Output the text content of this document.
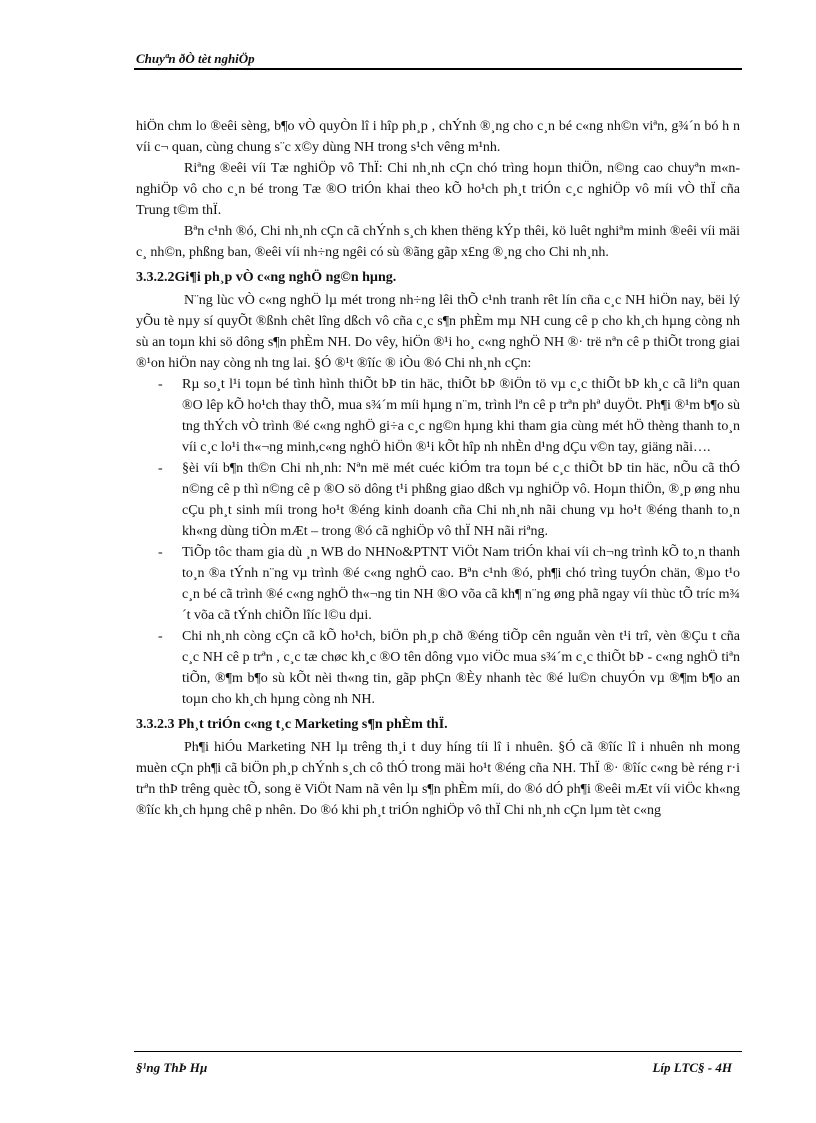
Chuyªn ðÒ tèt nghiÖp

hiÖn chm lo ®eêi sèng, b¶o vÒ quyÒn lî i hîp ph¸p , chÝnh ®¸ng cho c¸n bé c«ng nh©n viªn, g¾´n bó h n víi c¬ quan, cùng chung s¨c x©y dùng NH trong s¹ch vêng m¹nh.

Riªng ®eêi víi Tæ nghiÖp vô ThÏ: Chi nh¸nh cÇn chó trìng hoµn thiÖn, n©ng cao chuyªn m«n- nghiÖp vô cho c¸n bé trong Tæ ®O triÓn khai theo kÕ ho¹ch ph¸t triÓn c¸c nghiÖp vô míi vÒ thÏ cña Trung t©m thÏ.

Bªn c¹nh ®ó, Chi nh¸nh cÇn cã chÝnh s¸ch khen thëng kÝp thêi, kö luêt nghiªm minh ®eêi víi mäi c¸ nh©n, phßng ban, ®eêi víi nh÷ng ngêi có sù ®ãng gãp x£ng ®¸ng cho Chi nh¸nh.

3.3.2.2Gi¶i ph¸p vÒ c«ng nghÖ ng©n hµng.

N¨ng lùc vÒ c«ng nghÖ lµ mét trong nh÷ng lêi thÕ c¹nh tranh rêt lín cña c¸c NH hiÖn nay, bëi lý yÕu tè nµy sí quyÕt ®ßnh chêt lîng dßch vô cña c¸c s¶n phÈm mµ NH cung cê p cho kh¸ch hµng còng nh sù an toµn khi sö dông s¶n phÈm NH. Do vêy, hiÖn ®¹i ho¸ c«ng nghÖ NH ®· trë nªn cê p thiÕt trong giai ®¹on hiÖn nay còng nh tng lai. §Ó ®¹t ®îíc ® iÒu ®ó Chi nh¸nh cÇn:

- Rµ so¸t l¹i toµn bé tình hình thiÕt bÞ tin häc, thiÕt bÞ ®iÖn tö vµ c¸c thiÕt bÞ kh¸c cã liªn quan ®O lêp kÕ ho¹ch thay thÕ, mua s¾´m míi hµng n¨m, trình lªn cê p trªn phª duyÖt. Ph¶i ®¹m b¶o sù tng thÝch vÒ trình ®é c«ng nghÖ gi÷a c¸c ng©n hµng khi tham gia cùng mét hÖ thèng thanh to¸n víi c¸c lo¹i th«¬ng minh,c«ng nghÖ hiÖn ®¹i kÕt hîp nh nhÈn d¹ng dÇu v©n tay, giäng nãi….

- §èi víi b¶n th©n Chi nh¸nh: Nªn më mét cuéc kiÓm tra toµn bé c¸c thiÕt bÞ tin häc, nÕu cã thÓ n©ng cê p thì n©ng cê p ®O sö dông t¹i phßng giao dßch vµ nghiÖp vô. Hoµn thiÖn, ®¸p øng nhu cÇu ph¸t sinh míi trong ho¹t ®éng kinh doanh cña Chi nh¸nh nãi chung vµ ho¹t ®éng thanh to¸n kh«ng dùng tiÒn mÆt – trong ®ó cã nghiÖp vô thÏ NH nãi riªng.

- TiÕp tôc tham gia dù ¸n WB do NHNo&PTNT ViÖt Nam triÓn khai víi ch¬ng trình kÕ to¸n thanh to¸n ®a tÝnh n¨ng vµ trình ®é c«ng nghÖ cao. Bªn c¹nh ®ó, ph¶i chó trìng tuyÓn chän, ®µo t¹o c¸n bé cã trình ®é c«ng nghÖ th«¬ng tin NH ®O võa cã kh¶ n¨ng øng phã ngay víi thùc tÕ tríc m¾´t võa cã tÝnh chiÕn lîíc l©u dµi.

- Chi nh¸nh còng cÇn cã kÕ ho¹ch, biÖn ph¸p chð ®éng tiÕp cên nguån vèn t¹i trî, vèn ®Çu t cña c¸c NH cê p trªn , c¸c tæ chøc kh¸c ®O tên dông vµo viÖc mua s¾´m c¸c thiÕt bÞ - c«ng nghÖ tiªn tiÕn, ®¶m b¶o sù kÕt nèi th«ng tin, gãp phÇn ®Èy nhanh tèc ®é lu©n chuyÓn vµ ®¶m b¶o an toµn cho kh¸ch hµng còng nh NH.

3.3.2.3 Ph¸t triÓn c«ng t¸c Marketing s¶n phÈm thÏ.

Ph¶i hiÓu Marketing NH lµ trêng th¸i t duy híng tíi lî i nhuên. §Ó cã ®îíc lî i nhuên nh mong muèn cÇn ph¶i cã biÖn ph¸p chÝnh s¸ch cô thÓ trong mäi ho¹t ®éng cña NH. ThÏ ®· ®îíc c«ng bè réng r·i trªn thÞ trêng quèc tÕ, song ë ViÖt Nam nã vên lµ s¶n phÈm míi, do ®ó dÓ ph¶i ®eêi mÆt víi viÖc kh«ng ®îíc kh¸ch hµng chê p nhên. Do ®ó khi ph¸t triÓn nghiÖp vô thÏ Chi nh¸nh cÇn lµm tèt c«ng

§¹ng ThÞ Hµ	Líp LTC§ - 4H
